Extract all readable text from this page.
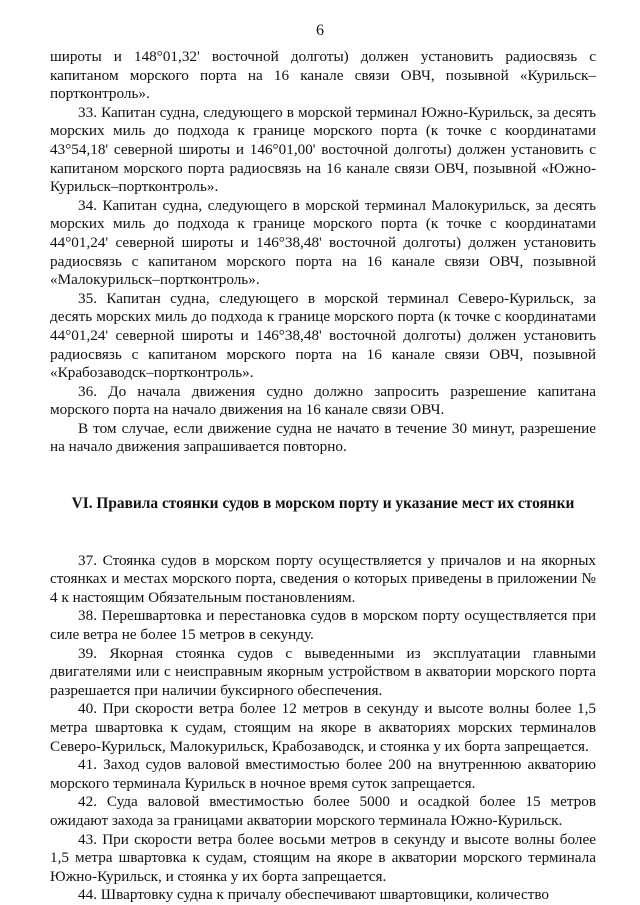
6

широты и 148°01,32' восточной долготы) должен установить радиосвязь с капитаном морского порта на 16 канале связи ОВЧ, позывной «Курильск–портконтроль».

33. Капитан судна, следующего в морской терминал Южно-Курильск, за десять морских миль до подхода к границе морского порта (к точке с координатами 43°54,18' северной широты и 146°01,00' восточной долготы) должен установить с капитаном морского порта радиосвязь на 16 канале связи ОВЧ, позывной «Южно-Курильск–портконтроль».

34. Капитан судна, следующего в морской терминал Малокурильск, за десять морских миль до подхода к границе морского порта (к точке с координатами 44°01,24' северной широты и 146°38,48' восточной долготы) должен установить радиосвязь с капитаном морского порта на 16 канале связи ОВЧ, позывной «Малокурильск–портконтроль».

35. Капитан судна, следующего в морской терминал Северо-Курильск, за десять морских миль до подхода к границе морского порта (к точке с координатами 44°01,24' северной широты и 146°38,48' восточной долготы) должен установить радиосвязь с капитаном морского порта на 16 канале связи ОВЧ, позывной «Крабозаводск–портконтроль».

36. До начала движения судно должно запросить разрешение капитана морского порта на начало движения на 16 канале связи ОВЧ.

В том случае, если движение судна не начато в течение 30 минут, разрешение на начало движения запрашивается повторно.

VI. Правила стоянки судов в морском порту и указание мест их стоянки

37. Стоянка судов в морском порту осуществляется у причалов и на якорных стоянках и местах морского порта, сведения о которых приведены в приложении № 4 к настоящим Обязательным постановлениям.

38. Перешвартовка и перестановка судов в морском порту осуществляется при силе ветра не более 15 метров в секунду.

39. Якорная стоянка судов с выведенными из эксплуатации главными двигателями или с неисправным якорным устройством в акватории морского порта разрешается при наличии буксирного обеспечения.

40. При скорости ветра более 12 метров в секунду и высоте волны более 1,5 метра швартовка к судам, стоящим на якоре в акваториях морских терминалов Северо-Курильск, Малокурильск, Крабозаводск, и стоянка у их борта запрещается.

41. Заход судов валовой вместимостью более 200 на внутреннюю акваторию морского терминала Курильск в ночное время суток запрещается.

42. Суда валовой вместимостью более 5000 и осадкой более 15 метров ожидают захода за границами акватории морского терминала Южно-Курильск.

43. При скорости ветра более восьми метров в секунду и высоте волны более 1,5 метра швартовка к судам, стоящим на якоре в акватории морского терминала Южно-Курильск, и стоянка у их борта запрещается.

44. Швартовку судна к причалу обеспечивают швартовщики, количество
